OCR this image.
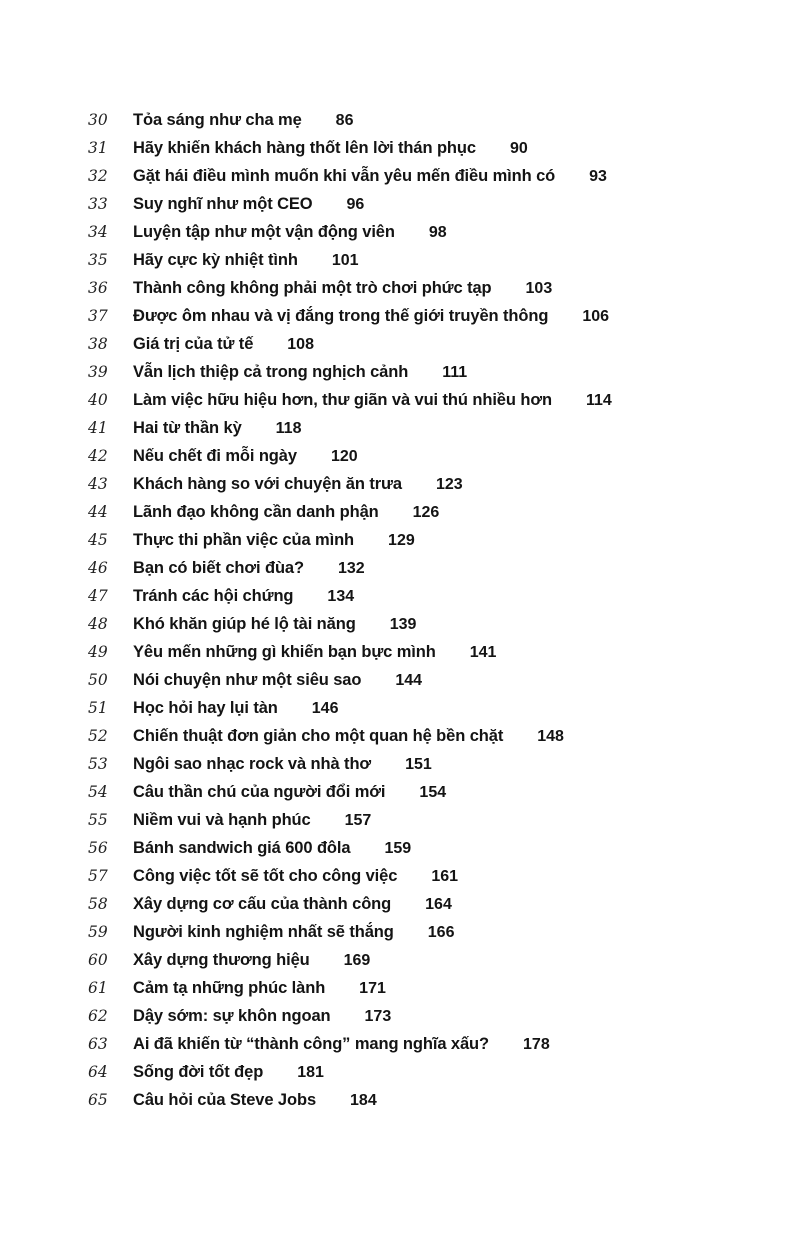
30	Tỏa sáng như cha mẹ 86
31	Hãy khiến khách hàng thốt lên lời thán phục 90
32	Gặt hái điều mình muốn khi vẫn yêu mến điều mình có 93
33	Suy nghĩ như một CEO 96
34	Luyện tập như một vận động viên 98
35	Hãy cực kỳ nhiệt tình 101
36	Thành công không phải một trò chơi phức tạp 103
37	Được ôm nhau và vị đắng trong thế giới truyền thông 106
38	Giá trị của tử tế 108
39	Vẫn lịch thiệp cả trong nghịch cảnh 111
40	Làm việc hữu hiệu hơn, thư giãn và vui thú nhiều hơn 114
41	Hai từ thần kỳ 118
42	Nếu chết đi mỗi ngày 120
43	Khách hàng so với chuyện ăn trưa 123
44	Lãnh đạo không cần danh phận 126
45	Thực thi phần việc của mình 129
46	Bạn có biết chơi đùa? 132
47	Tránh các hội chứng 134
48	Khó khăn giúp hé lộ tài năng 139
49	Yêu mến những gì khiến bạn bực mình 141
50	Nói chuyện như một siêu sao 144
51	Học hỏi hay lụi tàn 146
52	Chiến thuật đơn giản cho một quan hệ bền chặt 148
53	Ngôi sao nhạc rock và nhà thơ 151
54	Câu thần chú của người đổi mới 154
55	Niềm vui và hạnh phúc 157
56	Bánh sandwich giá 600 đôla 159
57	Công việc tốt sẽ tốt cho công việc 161
58	Xây dựng cơ cấu của thành công 164
59	Người kinh nghiệm nhất sẽ thắng 166
60	Xây dựng thương hiệu 169
61	Cảm tạ những phúc lành 171
62	Dậy sớm: sự khôn ngoan 173
63	Ai đã khiến từ “thành công” mang nghĩa xấu? 178
64	Sống đời tốt đẹp 181
65	Câu hỏi của Steve Jobs 184
